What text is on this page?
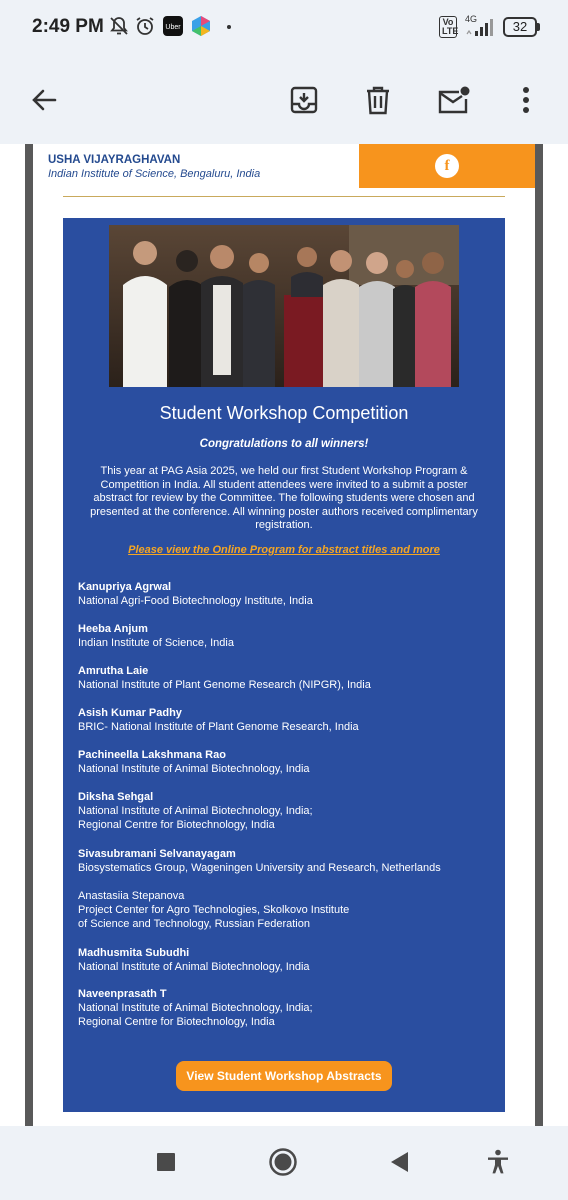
2:49 PM	Uber
Vo LTE
4G	32
USHA VIJAYRAGHAVAN
Indian Institute of Science, Bengaluru, India	f
Student Workshop Competition
Congratulations to all winners!
This year at PAG Asia 2025, we held our first Student Workshop Program & Competition in India. All student attendees were invited to a submit a poster abstract for review by the Committee. The following students were chosen and presented at the conference. All winning poster authors received complimentary registration.
Please view the Online Program for abstract titles and more
Kanupriya Agrwal
National Agri-Food Biotechnology Institute, India
Heeba Anjum
Indian Institute of Science, India
Amrutha Laie
National Institute of Plant Genome Research (NIPGR), India
Asish Kumar Padhy
BRIC- National Institute of Plant Genome Research, India
Pachineella Lakshmana Rao
National Institute of Animal Biotechnology, India
Diksha Sehgal
National Institute of Animal Biotechnology, India;
Regional Centre for Biotechnology, India
Sivasubramani Selvanayagam
Biosystematics Group, Wageningen University and Research, Netherlands
Anastasiia Stepanova
Project Center for Agro Technologies, Skolkovo Institute
of Science and Technology, Russian Federation
Madhusmita Subudhi
National Institute of Animal Biotechnology, India
Naveenprasath T
National Institute of Animal Biotechnology, India;
Regional Centre for Biotechnology, India
View Student Workshop Abstracts
